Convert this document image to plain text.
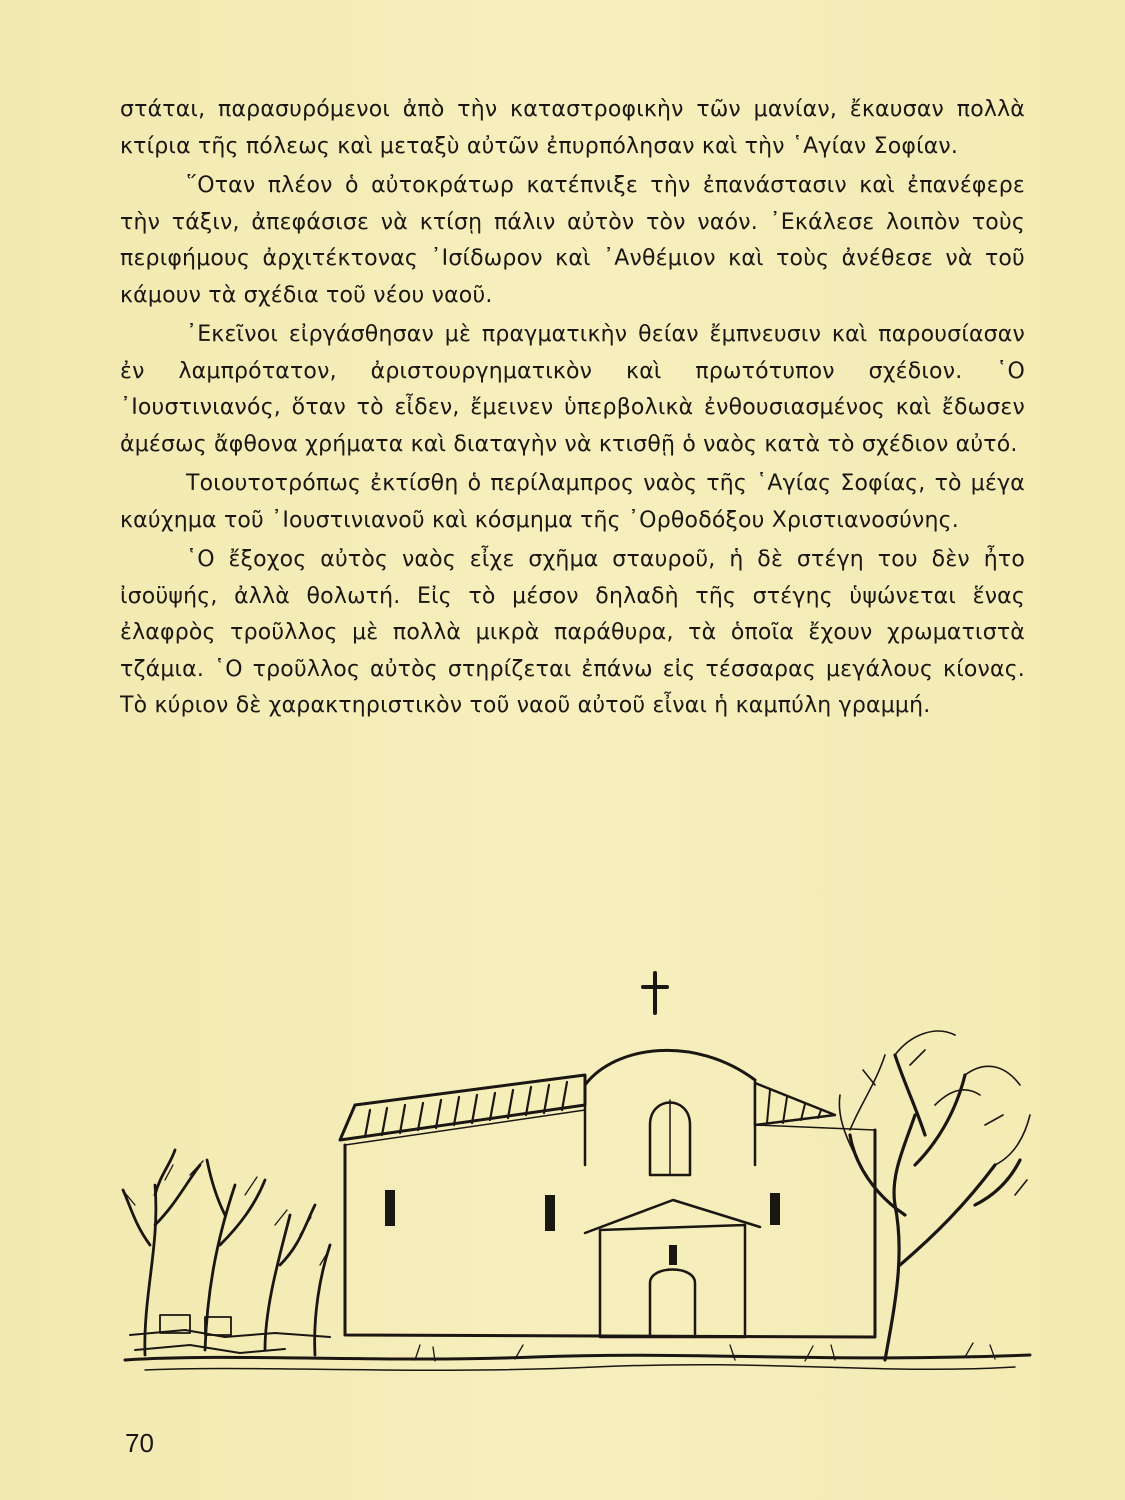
στάται, παρασυρόμενοι ἀπὸ τὴν καταστροφικὴν τῶν μανίαν, ἔκαυσαν πολλὰ κτίρια τῆς πόλεως καὶ μεταξὺ αὐτῶν ἐπυρπόλησαν καὶ τὴν ῾Αγίαν Σοφίαν.

῞Οταν πλέον ὁ αὐτοκράτωρ κατέπνιξε τὴν ἐπανάστασιν καὶ ἐπανέφερε τὴν τάξιν, ἀπεφάσισε νὰ κτίσῃ πάλιν αὐτὸν τὸν ναόν. ᾿Εκάλεσε λοιπὸν τοὺς περιφήμους ἀρχιτέκτονας ᾿Ισίδωρον καὶ ᾿Ανθέμιον καὶ τοὺς ἀνέθεσε νὰ τοῦ κάμουν τὰ σχέδια τοῦ νέου ναοῦ.

᾿Εκεῖνοι εἰργάσθησαν μὲ πραγματικὴν θείαν ἔμπνευσιν καὶ παρουσίασαν ἐν λαμπρότατον, ἀριστουργηματικὸν καὶ πρωτότυπον σχέδιον. ῾Ο ᾿Ιουστινιανός, ὅταν τὸ εἶδεν, ἔμεινεν ὑπερβολικὰ ἐνθουσιασμένος καὶ ἔδωσεν ἀμέσως ἄφθονα χρήματα καὶ διαταγὴν νὰ κτισθῇ ὁ ναὸς κατὰ τὸ σχέδιον αὐτό.

Τοιουτοτρόπως ἐκτίσθη ὁ περίλαμπρος ναὸς τῆς ῾Αγίας Σοφίας, τὸ μέγα καύχημα τοῦ ᾿Ιουστινιανοῦ καὶ κόσμημα τῆς ᾿Ορθοδόξου Χριστιανοσύνης.

῾Ο ἔξοχος αὐτὸς ναὸς εἶχε σχῆμα σταυροῦ, ἡ δὲ στέγη του δὲν ἦτο ἰσοϋψής, ἀλλὰ θολωτή. Εἰς τὸ μέσον δηλαδὴ τῆς στέγης ὑψώνεται ἕνας ἐλαφρὸς τροῦλλος μὲ πολλὰ μικρὰ παράθυρα, τὰ ὁποῖα ἔχουν χρωματιστὰ τζάμια. ῾Ο τροῦλλος αὐτὸς στηρίζεται ἐπάνω εἰς τέσσαρας μεγάλους κίονας. Τὸ κύριον δὲ χαρακτηριστικὸν τοῦ ναοῦ αὐτοῦ εἶναι ἡ καμπύλη γραμμή.

70
